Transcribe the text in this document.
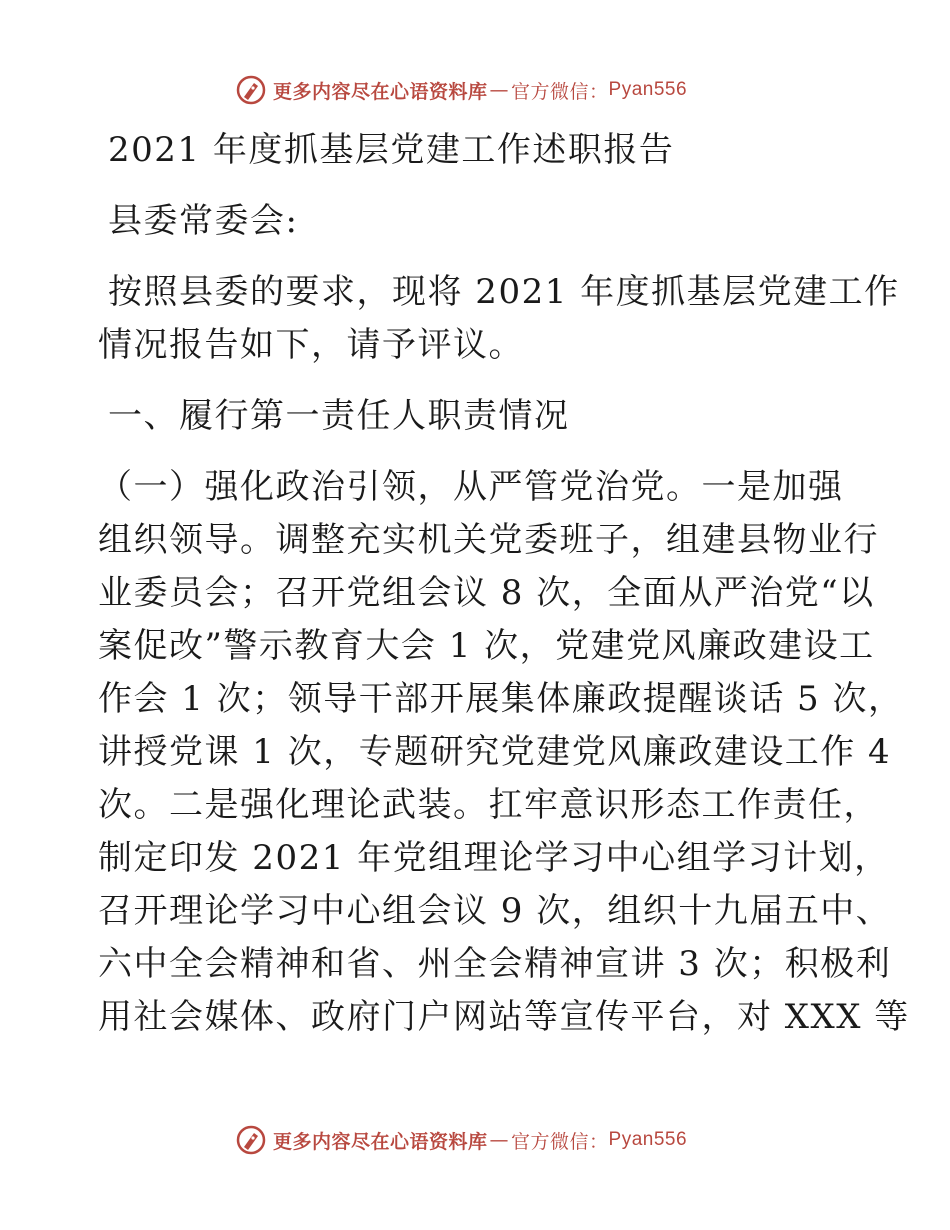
更多内容尽在心语资料库 — 官方微信： Pyan556
2021 年度抓基层党建工作述职报告
县委常委会:
按照县委的要求，现将 2021 年度抓基层党建工作
情况报告如下，请予评议。
一、履行第一责任人职责情况
（一）强化政治引领，从严管党治党。一是加强
组织领导。调整充实机关党委班子，组建县物业行
业委员会；召开党组会议 8 次，全面从严治党“以
案促改”警示教育大会 1 次，党建党风廉政建设工
作会 1 次；领导干部开展集体廉政提醒谈话 5 次，
讲授党课 1 次，专题研究党建党风廉政建设工作 4
次。二是强化理论武装。扛牢意识形态工作责任，
制定印发 2021 年党组理论学习中心组学习计划，
召开理论学习中心组会议 9 次，组织十九届五中、
六中全会精神和省、州全会精神宣讲 3 次；积极利
用社会媒体、政府门户网站等宣传平台，对 XXX 等
更多内容尽在心语资料库 — 官方微信： Pyan556
